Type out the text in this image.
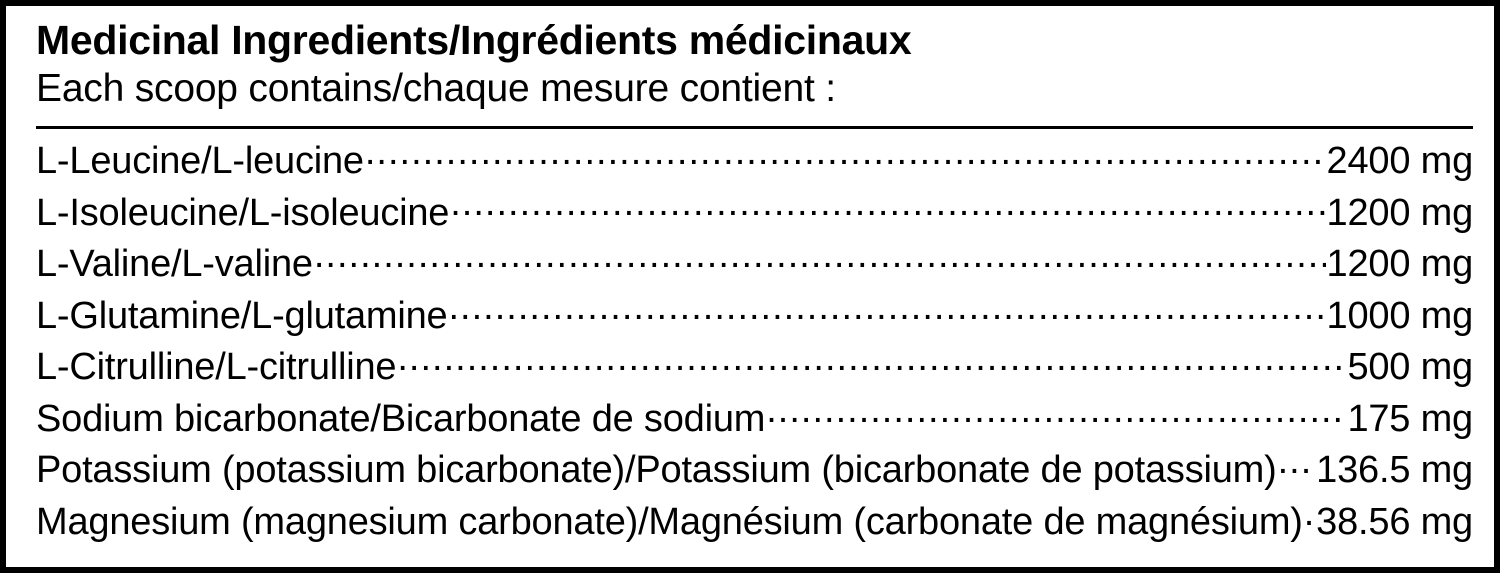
Medicinal Ingredients/Ingrédients médicinaux
Each scoop contains/chaque mesure contient :
L-Leucine/L-leucine .....	2400 mg
L-Isoleucine/L-isoleucine .....	1200 mg
L-Valine/L-valine .....	1200 mg
L-Glutamine/L-glutamine .....	1000 mg
L-Citrulline/L-citrulline .....	500 mg
Sodium bicarbonate/Bicarbonate de sodium .....	175 mg
Potassium (potassium bicarbonate)/Potassium (bicarbonate de potassium) ..... 136.5 mg
Magnesium (magnesium carbonate)/Magnésium (carbonate de magnésium) ..... 38.56 mg
